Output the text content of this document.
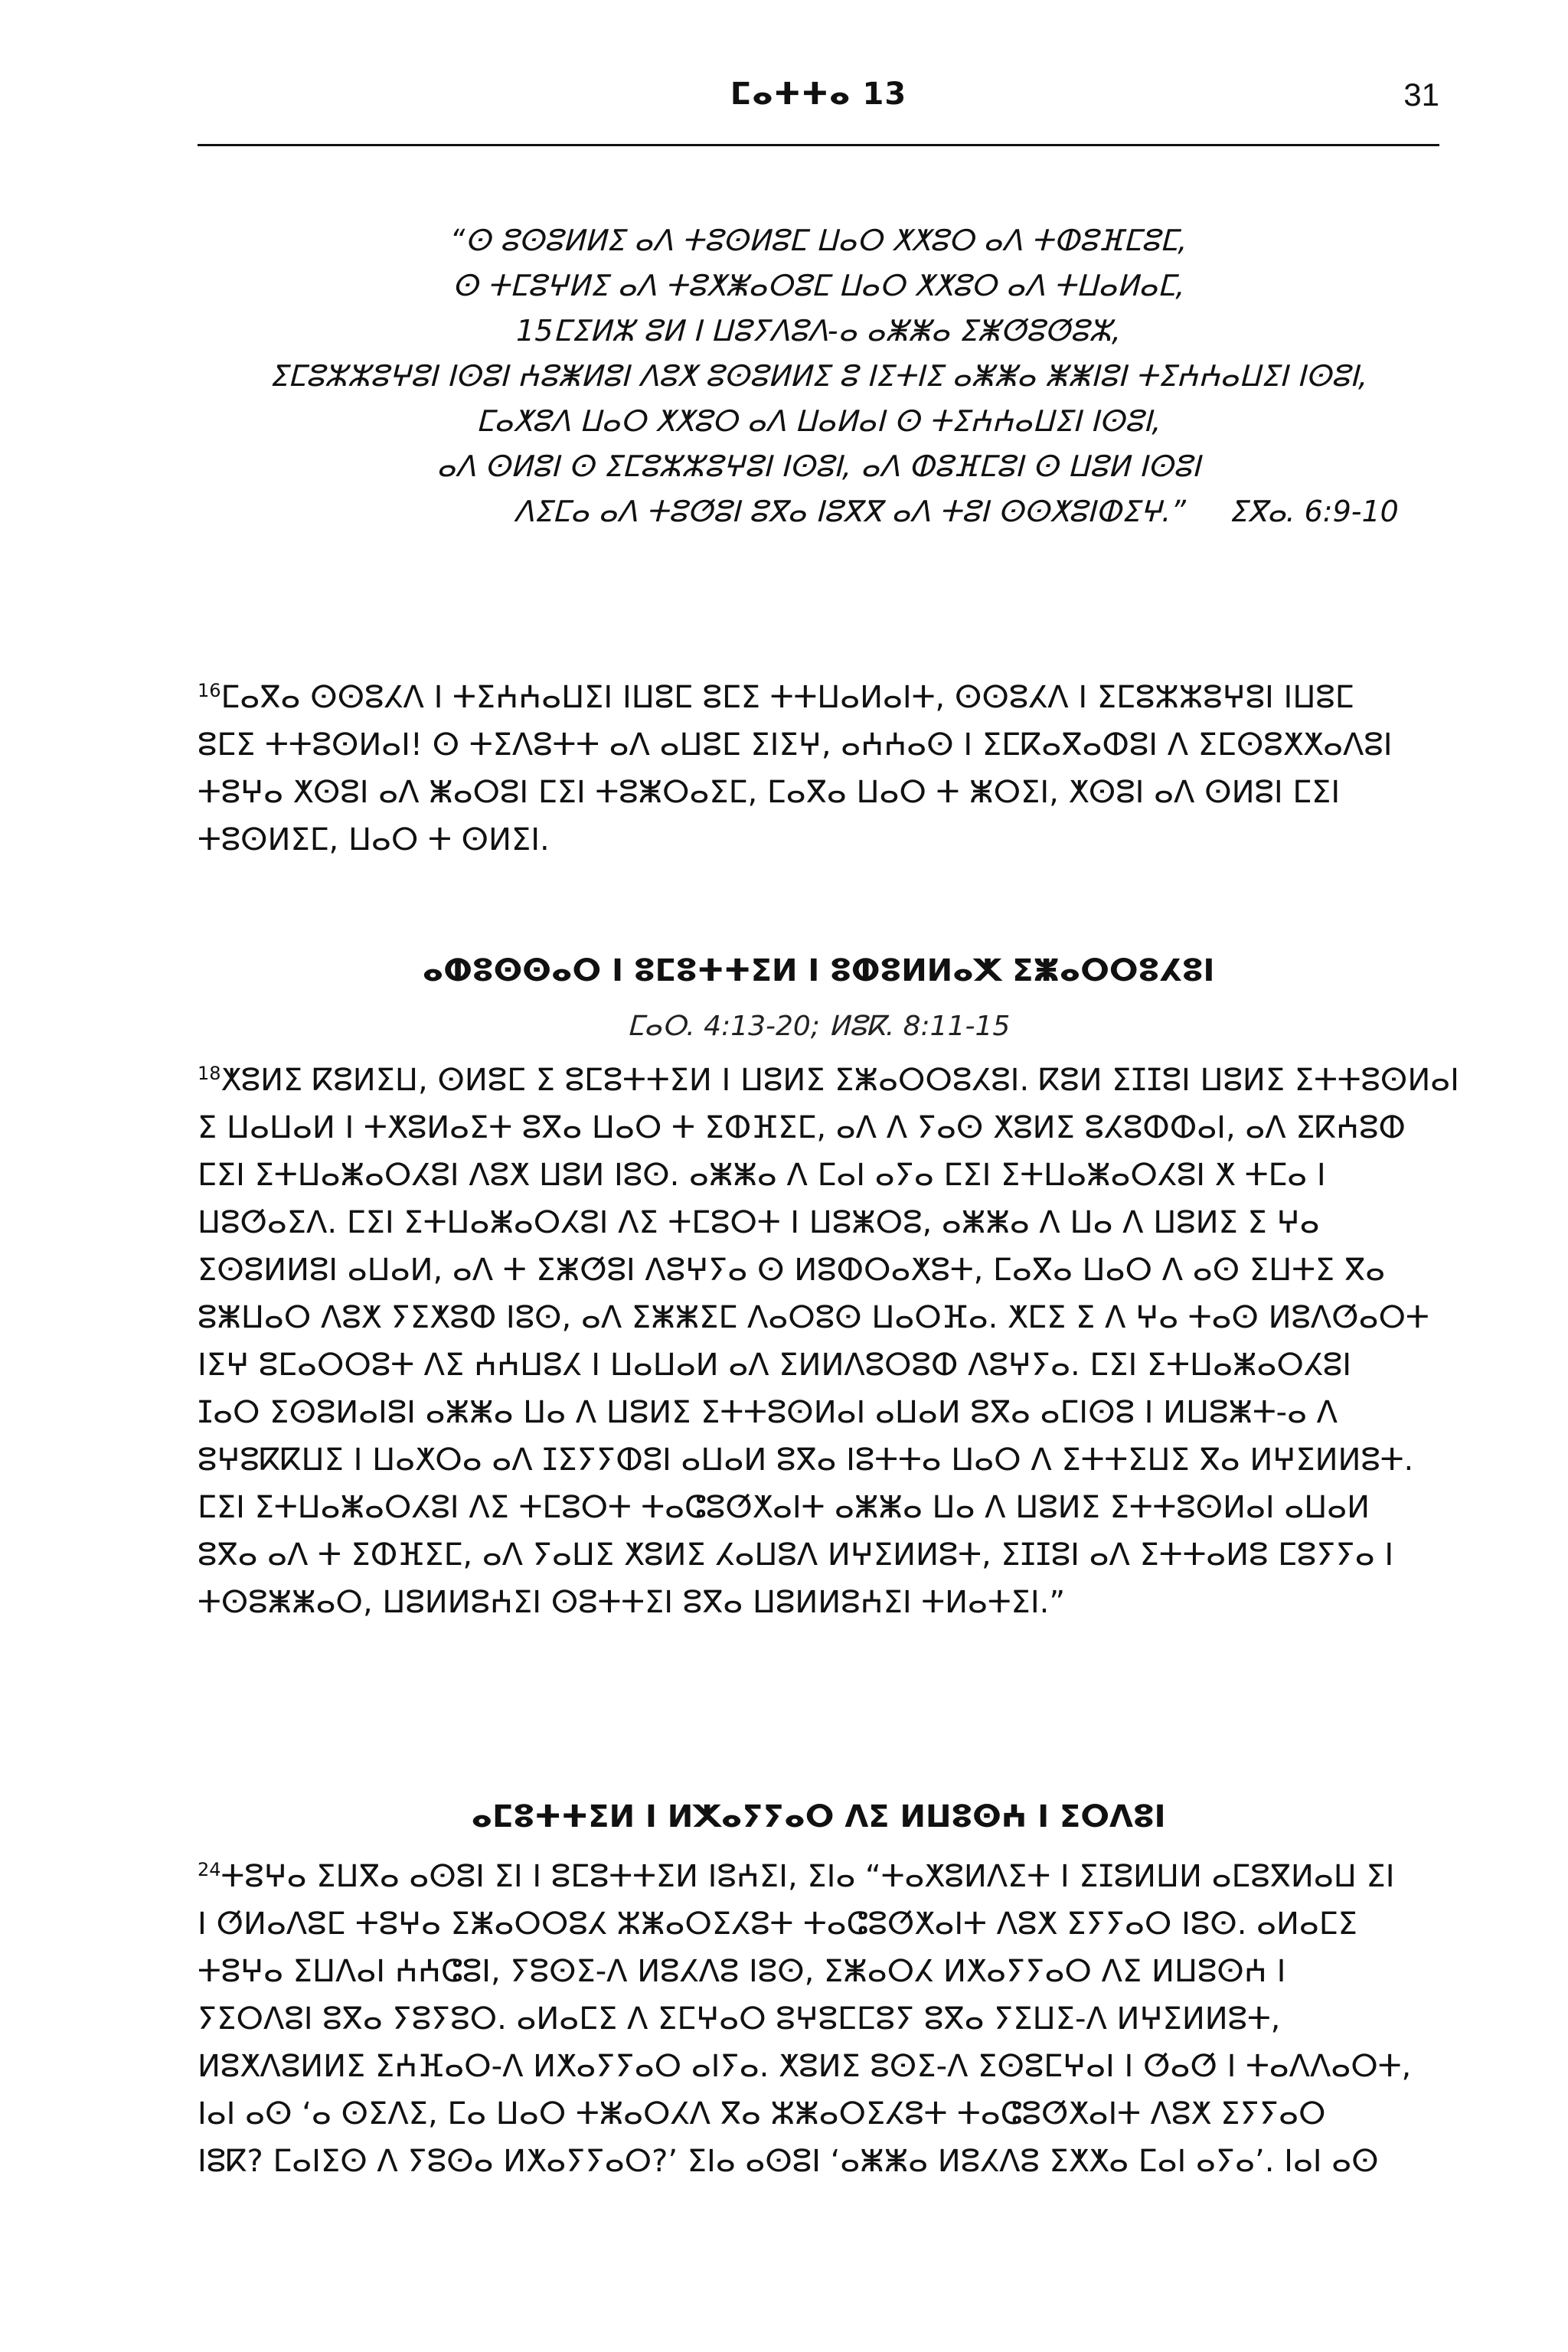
ⵎⴰⵜⵜⴰ 13	31
“ⵙ ⵓⵙⵓⵍⵍⵉ ⴰⴷ ⵜⵓⵙⵍⵓⵎ ⵡⴰⵔ ⵅⵅⵓⵔ ⴰⴷ ⵜⵀⵓⴼⵎⵓⵎ,
ⵙ ⵜⵎⵓⵖⵍⵉ ⴰⴷ ⵜⵓⵅⵥⴰⵔⵓⵎ ⵡⴰⵔ ⵅⵅⵓⵔ ⴰⴷ ⵜⵡⴰⵍⴰⵎ,
15ⵎⵉⵍⵣ ⵓⵍ ⵏ ⵡⵓⵢⴷⵓⴷ-ⴰ ⴰⵥⵥⴰ ⵉⵥⵚⵓⵚⵓⵣ,
ⵉⵎⵓⵣⵣⵓⵖⵓⵏ ⵏⵙⵓⵏ ⵄⵓⵥⵍⵓⵏ ⴷⵓⵅ ⵓⵙⵓⵍⵍⵉ ⵓ ⵏⵉⵜⵏⵉ ⴰⵥⵥⴰ ⵥⵥⵏⵓⵏ ⵜⵉⵄⵄⴰⵡⵉⵏ ⵏⵙⵓⵏ,
ⵎⴰⵅⵓⴷ ⵡⴰⵔ ⵅⵅⵓⵔ ⴰⴷ ⵡⴰⵍⴰⵏ ⵙ ⵜⵉⵄⵄⴰⵡⵉⵏ ⵏⵙⵓⵏ,
ⴰⴷ ⵙⵍⵓⵏ ⵙ ⵉⵎⵓⵣⵣⵓⵖⵓⵏ ⵏⵙⵓⵏ, ⴰⴷ ⵀⵓⴼⵎⵓⵏ ⵙ ⵡⵓⵍ ⵏⵙⵓⵏ
ⴷⵉⵎⴰ ⴰⴷ ⵜⵓⵚⵓⵏ ⵓⴳⴰ ⵏⵓⴳⴳ ⴰⴷ ⵜⵓⵏ ⵙⵙⵅⵓⵏⵀⵉⵖ.” ⵉⴳⴰ. 6:9-10
$^{16}$ⵎⴰⴳⴰ ⵙⵙⵓⵃⴷ ⵏ ⵜⵉⵄⵄⴰⵡⵉⵏ ⵏⵡⵓⵎ ⵓⵎⵉ ⵜⵜⵡⴰⵍⴰⵏⵜ, ⵙⵙⵓⵃⴷ ⵏ ⵉⵎⵓⵣⵣⵓⵖⵓⵏ ⵏⵡⵓⵎ
ⵓⵎⵉ ⵜⵜⵓⵙⵍⴰⵏ! ⵙ ⵜⵉⴷⵓⵜⵜ ⴰⴷ ⴰⵡⵓⵎ ⵉⵏⵉⵖ, ⴰⵄⵄⴰⵙ ⵏ ⵉⵎⴽⴰⴳⴰⵀⵓⵏ ⴷ ⵉⵎⵙⵓⵅⵅⴰⴷⵓⵏ
ⵜⵓⵖⴰ ⵅⵙⵓⵏ ⴰⴷ ⵥⴰⵔⵓⵏ ⵎⵉⵏ ⵜⵓⵥⵔⴰⵉⵎ, ⵎⴰⴳⴰ ⵡⴰⵔ ⵜ ⵥⵔⵉⵏ, ⵅⵙⵓⵏ ⴰⴷ ⵙⵍⵓⵏ ⵎⵉⵏ
ⵜⵓⵙⵍⵉⵎ, ⵡⴰⵔ ⵜ ⵙⵍⵉⵏ.
ⴰⵀⵓⵙⵙⴰⵔ ⵏ ⵓⵎⵓⵜⵜⵉⵍ ⵏ ⵓⵀⵓⵍⵍⴰⵅ ⵉⵥⴰⵔⵔⵓⵃⵓⵏ
ⵎⴰⵔ. 4:13-20; ⵍⵓⴽ. 8:11-15
$^{18}$ⵅⵓⵍⵉ ⴽⵓⵍⵉⵡ, ⵙⵍⵓⵎ ⵉ ⵓⵎⵓⵜⵜⵉⵍ ⵏ ⵡⵓⵍⵉ ⵉⵥⴰⵔⵔⵓⵃⵓⵏ. ⴽⵓⵍ ⵉⵊⵊⵓⵏ ⵡⵓⵍⵉ ⵉⵜⵜⵓⵙⵍⴰⵏ
ⵉ ⵡⴰⵡⴰⵍ ⵏ ⵜⵅⵓⵍⴰⵉⵜ ⵓⴳⴰ ⵡⴰⵔ ⵜ ⵉⵀⴼⵉⵎ, ⴰⴷ ⴷ ⵢⴰⵙ ⵅⵓⵍⵉ ⵓⵃⵓⵀⵀⴰⵏ, ⴰⴷ ⵉⴽⵄⵓⵀ
ⵎⵉⵏ ⵉⵜⵡⴰⵥⴰⵔⵃⵓⵏ ⴷⵓⵅ ⵡⵓⵍ ⵏⵓⵙ. ⴰⵥⵥⴰ ⴷ ⵎⴰⵏ ⴰⵢⴰ ⵎⵉⵏ ⵉⵜⵡⴰⵥⴰⵔⵃⵓⵏ ⵅ ⵜⵎⴰ ⵏ
ⵡⵓⵚⴰⵉⴷ. ⵎⵉⵏ ⵉⵜⵡⴰⵥⴰⵔⵃⵓⵏ ⴷⵉ ⵜⵎⵓⵔⵜ ⵏ ⵡⵓⵥⵔⵓ, ⴰⵥⵥⴰ ⴷ ⵡⴰ ⴷ ⵡⵓⵍⵉ ⵉ ⵖⴰ
ⵉⵙⵓⵍⵍⵓⵏ ⴰⵡⴰⵍ, ⴰⴷ ⵜ ⵉⵥⵚⵓⵏ ⴷⵓⵖⵢⴰ ⵙ ⵍⵓⵀⵔⴰⵅⵓⵜ, ⵎⴰⴳⴰ ⵡⴰⵔ ⴷ ⴰⵙ ⵉⵡⵜⵉ ⴳⴰ
ⵓⵥⵡⴰⵔ ⴷⵓⵅ ⵢⵉⵅⵓⵀ ⵏⵓⵙ, ⴰⴷ ⵉⵥⵥⵉⵎ ⴷⴰⵔⵓⵙ ⵡⴰⵔⴼⴰ. ⵅⵎⵉ ⵉ ⴷ ⵖⴰ ⵜⴰⵙ ⵍⵓⴷⵚⴰⵔⵜ
ⵏⵉⵖ ⵓⵎⴰⵔⵔⵓⵜ ⴷⵉ ⵄⵄⵡⵓⵃ ⵏ ⵡⴰⵡⴰⵍ ⴰⴷ ⵉⵍⵍⴷⵓⵔⵓⵀ ⴷⵓⵖⵢⴰ. ⵎⵉⵏ ⵉⵜⵡⴰⵥⴰⵔⵃⵓⵏ
ⵊⴰⵔ ⵉⵙⵓⵍⴰⵏⵓⵏ ⴰⵥⵥⴰ ⵡⴰ ⴷ ⵡⵓⵍⵉ ⵉⵜⵜⵓⵙⵍⴰⵏ ⴰⵡⴰⵍ ⵓⴳⴰ ⴰⵎⵏⵙⵓ ⵏ ⵍⵡⵓⵥⵜ-ⴰ ⴷ
ⵓⵖⵓⴽⴽⵡⵉ ⵏ ⵡⴰⵅⵔⴰ ⴰⴷ ⵊⵉⵢⵢⵀⵓⵏ ⴰⵡⴰⵍ ⵓⴳⴰ ⵏⵓⵜⵜⴰ ⵡⴰⵔ ⴷ ⵉⵜⵜⵉⵡⵉ ⴳⴰ ⵍⵖⵉⵍⵍⵓⵜ.
ⵎⵉⵏ ⵉⵜⵡⴰⵥⴰⵔⵃⵓⵏ ⴷⵉ ⵜⵎⵓⵔⵜ ⵜⴰⵛⵓⵚⵅⴰⵏⵜ ⴰⵥⵥⴰ ⵡⴰ ⴷ ⵡⵓⵍⵉ ⵉⵜⵜⵓⵙⵍⴰⵏ ⴰⵡⴰⵍ
ⵓⴳⴰ ⴰⴷ ⵜ ⵉⵀⴼⵉⵎ, ⴰⴷ ⵢⴰⵡⵉ ⵅⵓⵍⵉ ⵃⴰⵡⵓⴷ ⵍⵖⵉⵍⵍⵓⵜ, ⵉⵊⵊⵓⵏ ⴰⴷ ⵉⵜⵜⴰⵍⵓ ⵎⵓⵢⵢⴰ ⵏ
ⵜⵙⵓⵥⵥⴰⵔ, ⵡⵓⵍⵍⵓⵄⵉⵏ ⵙⵓⵜⵜⵉⵏ ⵓⴳⴰ ⵡⵓⵍⵍⵓⵄⵉⵏ ⵜⵍⴰⵜⵉⵏ.”
ⴰⵎⵓⵜⵜⵉⵍ ⵏ ⵍⵅⴰⵢⵢⴰⵔ ⴷⵉ ⵍⵡⵓⵙⵄ ⵏ ⵉⵔⴷⵓⵏ
$^{24}$ⵜⵓⵖⴰ ⵉⵡⴳⴰ ⴰⵙⵓⵏ ⵉⵏ ⵏ ⵓⵎⵓⵜⵜⵉⵍ ⵏⵓⵄⵉⵏ, ⵉⵏⴰ “ⵜⴰⵅⵓⵍⴷⵉⵜ ⵏ ⵉⵊⵓⵍⵡⵍ ⴰⵎⵓⴳⵍⴰⵡ ⵉⵏ
ⵏ ⵚⵍⴰⴷⵓⵎ ⵜⵓⵖⴰ ⵉⵥⴰⵔⵔⵓⵃ ⵣⵥⴰⵔⵉⵃⵓⵜ ⵜⴰⵛⵓⵚⵅⴰⵏⵜ ⴷⵓⵅ ⵉⵢⵢⴰⵔ ⵏⵓⵙ. ⴰⵍⴰⵎⵉ
ⵜⵓⵖⴰ ⵉⵡⴷⴰⵏ ⵄⵄⵛⵓⵏ, ⵢⵓⵙⵉ-ⴷ ⵍⵓⵃⴷⵓ ⵏⵓⵙ, ⵉⵥⴰⵔⵃ ⵍⵅⴰⵢⵢⴰⵔ ⴷⵉ ⵍⵡⵓⵙⵄ ⵏ
ⵢⵉⵔⴷⵓⵏ ⵓⴳⴰ ⵢⵓⵢⵓⵔ. ⴰⵍⴰⵎⵉ ⴷ ⵉⵎⵖⴰⵔ ⵓⵖⵓⵎⵎⵓⵢ ⵓⴳⴰ ⵢⵉⵡⵉ-ⴷ ⵍⵖⵉⵍⵍⵓⵜ,
ⵍⵓⵅⴷⵓⵍⵍⵉ ⵉⵄⴼⴰⵔ-ⴷ ⵍⵅⴰⵢⵢⴰⵔ ⴰⵏⵢⴰ. ⵅⵓⵍⵉ ⵓⵙⵉ-ⴷ ⵉⵙⵓⵎⵖⴰⵏ ⵏ ⵚⴰⵚ ⵏ ⵜⴰⴷⴷⴰⵔⵜ,
ⵏⴰⵏ ⴰⵙ ‘ⴰ ⵙⵉⴷⵉ, ⵎⴰ ⵡⴰⵔ ⵜⵥⴰⵔⵃⴷ ⴳⴰ ⵣⵥⴰⵔⵉⵃⵓⵜ ⵜⴰⵛⵓⵚⵅⴰⵏⵜ ⴷⵓⵅ ⵉⵢⵢⴰⵔ
ⵏⵓⴽ? ⵎⴰⵏⵉⵙ ⴷ ⵢⵓⵙⴰ ⵍⵅⴰⵢⵢⴰⵔ?’ ⵉⵏⴰ ⴰⵙⵓⵏ ‘ⴰⵥⵥⴰ ⵍⵓⵃⴷⵓ ⵉⵅⵅⴰ ⵎⴰⵏ ⴰⵢⴰ’. ⵏⴰⵏ ⴰⵙ
